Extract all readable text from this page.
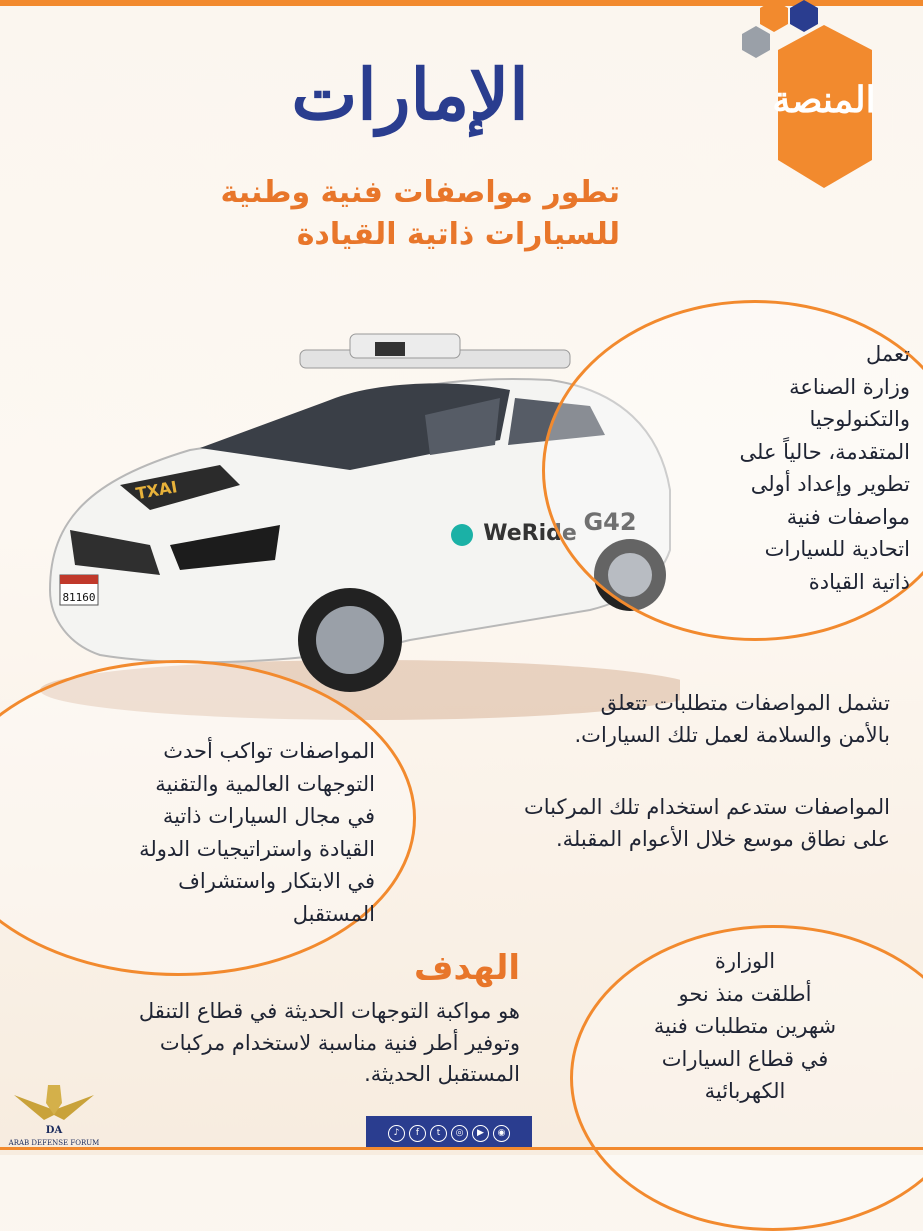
المنصة
الإمارات
تطور مواصفات فنية وطنية
للسيارات ذاتية القيادة
TXAI
81160
WeRide G42
تعمل
وزارة الصناعة
والتكنولوجيا
المتقدمة، حالياً على
تطوير وإعداد أولى
مواصفات فنية
اتحادية للسيارات
ذاتية القيادة
تشمل المواصفات متطلبات تتعلق
بالأمن والسلامة لعمل تلك السيارات.
المواصفات ستدعم استخدام تلك المركبات
على نطاق موسع خلال الأعوام المقبلة.
المواصفات تواكب أحدث
التوجهات العالمية والتقنية
في مجال السيارات ذاتية
القيادة واستراتيجيات الدولة
في الابتكار واستشراف
المستقبل
الهدف
هو مواكبة التوجهات الحديثة في قطاع التنقل
وتوفير أطر فنية مناسبة لاستخدام مركبات
المستقبل الحديثة.
الوزارة
أطلقت منذ نحو
شهرين متطلبات فنية
في قطاع السيارات
الكهربائية
♪	f	t	◎	▶	◉
DA
ARAB DEFENSE FORUM
